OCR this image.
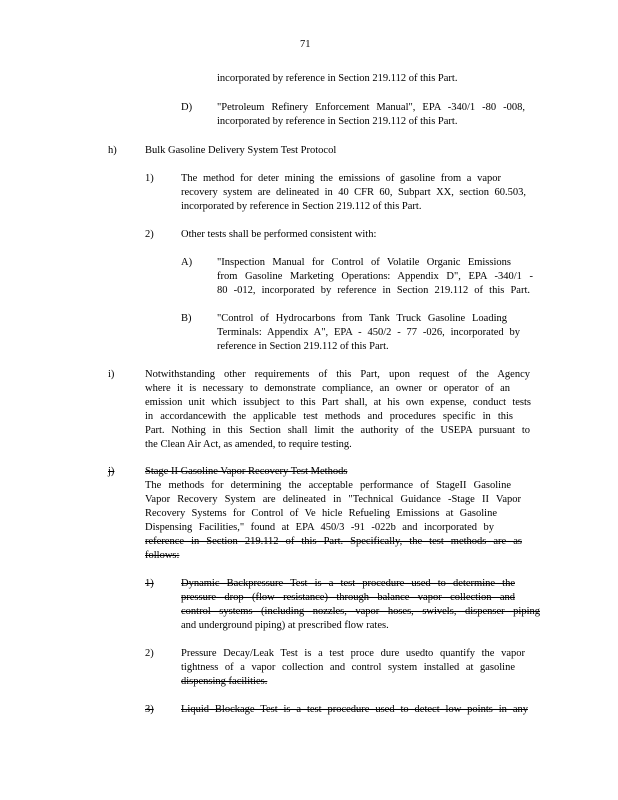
71
incorporated by reference in Section 219.112 of this Part.
D) "Petroleum Refinery Enforcement Manual", EPA -340/1 -80 -008,
incorporated by reference in Section 219.112 of this Part.
h)	Bulk Gasoline Delivery System Test Protocol
1)	The method for deter mining the emissions of gasoline from a vapor
recovery system are delineated in 40 CFR 60, Subpart XX, section 60.503,
incorporated by reference in Section 219.112 of this Part.
2)	Other tests shall be performed consistent with:
A) "Inspection Manual for Control of Volatile Organic Emissions
from Gasoline Marketing Operations: Appendix D", EPA -340/1 -
80 -012, incorporated by reference in Section 219.112 of this Part.
B) "Control of Hydrocarbons from Tank Truck Gasoline Loading
Terminals: Appendix A", EPA - 450/2 - 77 -026, incorporated by
reference in Section 219.112 of this Part.
i)	Notwithstanding other requirements of this Part, upon request of the Agency
where it is necessary to demonstrate compliance, an owner or operator of an
emission unit which issubject to this Part shall, at his own expense, conduct tests
in accordancewith the applicable test methods and procedures specific in this
Part. Nothing in this Section shall limit the authority of the USEPA pursuant to
the Clean Air Act, as amended, to require testing.
j)	Stage II Gasoline Vapor Recovery Test Methods
The methods for determining the acceptable performance of StageII Gasoline
Vapor Recovery System are delineated in "Technical Guidance -Stage II Vapor
Recovery Systems for Control of Ve hicle Refueling Emissions at Gasoline
Dispensing Facilities," found at EPA 450/3 -91 -022b and incorporated by
reference in Section 219.112 of this Part. Specifically, the test methods are as
follows:
1)	Dynamic Backpressure Test is a test procedure used to determine the
pressure drop (flow resistance) through balance vapor collection and
control systems (including nozzles, vapor hoses, swivels, dispenser piping
and underground piping) at prescribed flow rates.
2)	Pressure Decay/Leak Test is a test proce dure usedto quantify the vapor
tightness of a vapor collection and control system installed at gasoline
dispensing facilities.
3)	Liquid Blockage Test is a test procedure used to detect low points in any
